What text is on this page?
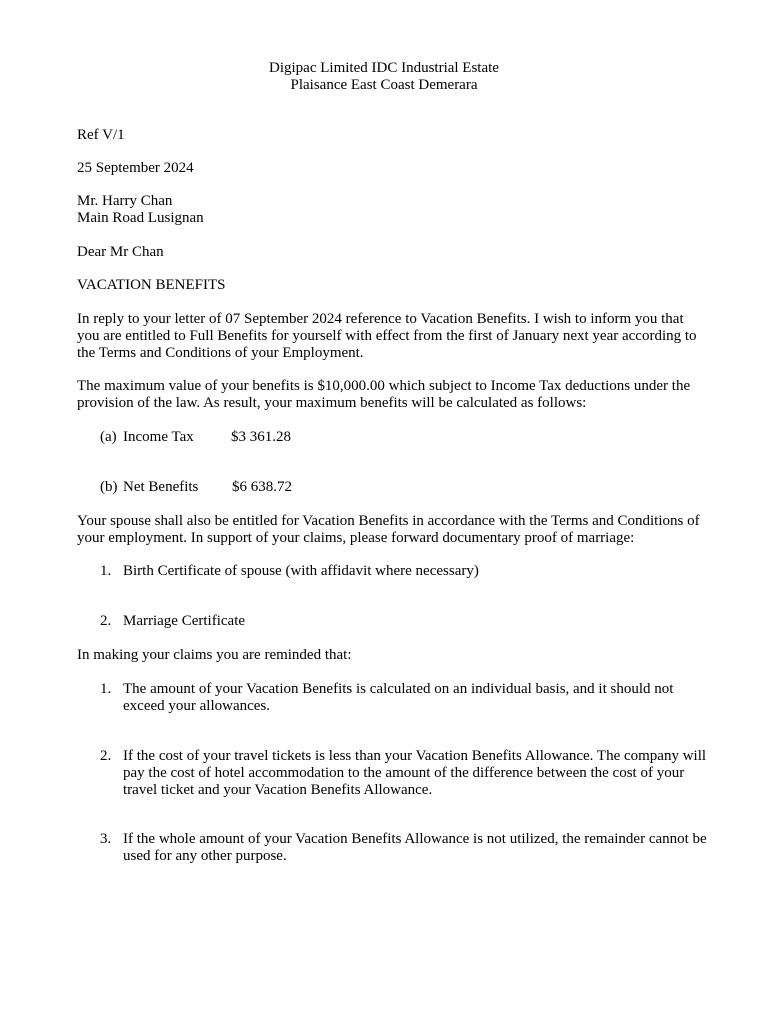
Digipac Limited IDC Industrial Estate

Plaisance East Coast Demerara

Ref V/1

25 September 2024

Mr. Harry Chan

Main Road Lusignan

Dear Mr Chan

VACATION BENEFITS

In reply to your letter of 07 September 2024 reference to Vacation Benefits. I wish to inform you that you are entitled to Full Benefits for yourself with effect from the first of January next year according to the Terms and Conditions of your Employment.

The maximum value of your benefits is $10,000.00 which subject to Income Tax deductions under the provision of the law. As result, your maximum benefits will be calculated as follows:

(a) Income Tax $3 361.28
(b) Net Benefits $6 638.72

Your spouse shall also be entitled for Vacation Benefits in accordance with the Terms and Conditions of your employment. In support of your claims, please forward documentary proof of marriage:

1. Birth Certificate of spouse (with affidavit where necessary)
2. Marriage Certificate

In making your claims you are reminded that:

1. The amount of your Vacation Benefits is calculated on an individual basis, and it should not exceed your allowances.
2. If the cost of your travel tickets is less than your Vacation Benefits Allowance. The company will pay the cost of hotel accommodation to the amount of the difference between the cost of your travel ticket and your Vacation Benefits Allowance.
3. If the whole amount of your Vacation Benefits Allowance is not utilized, the remainder cannot be used for any other purpose.
